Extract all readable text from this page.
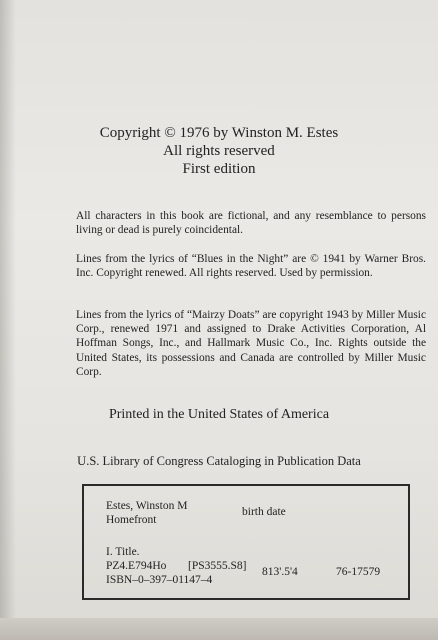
Copyright © 1976 by Winston M. Estes
All rights reserved
First edition
All characters in this book are fictional, and any resemblance to persons living or dead is purely coincidental.
Lines from the lyrics of “Blues in the Night” are © 1941 by Warner Bros. Inc. Copyright renewed. All rights reserved. Used by permission.
Lines from the lyrics of “Mairzy Doats” are copyright 1943 by Miller Music Corp., renewed 1971 and assigned to Drake Activities Corporation, Al Hoffman Songs, Inc., and Hallmark Music Co., Inc. Rights outside the United States, its possessions and Canada are controlled by Miller Music Corp.
Printed in the United States of America
U.S. Library of Congress Cataloging in Publication Data
Estes, Winston M	birth date
Homefront
I. Title.
PZ4.E794Ho [PS3555.S8] 813'.5'4	76-17579
ISBN–0–397–01147–4
